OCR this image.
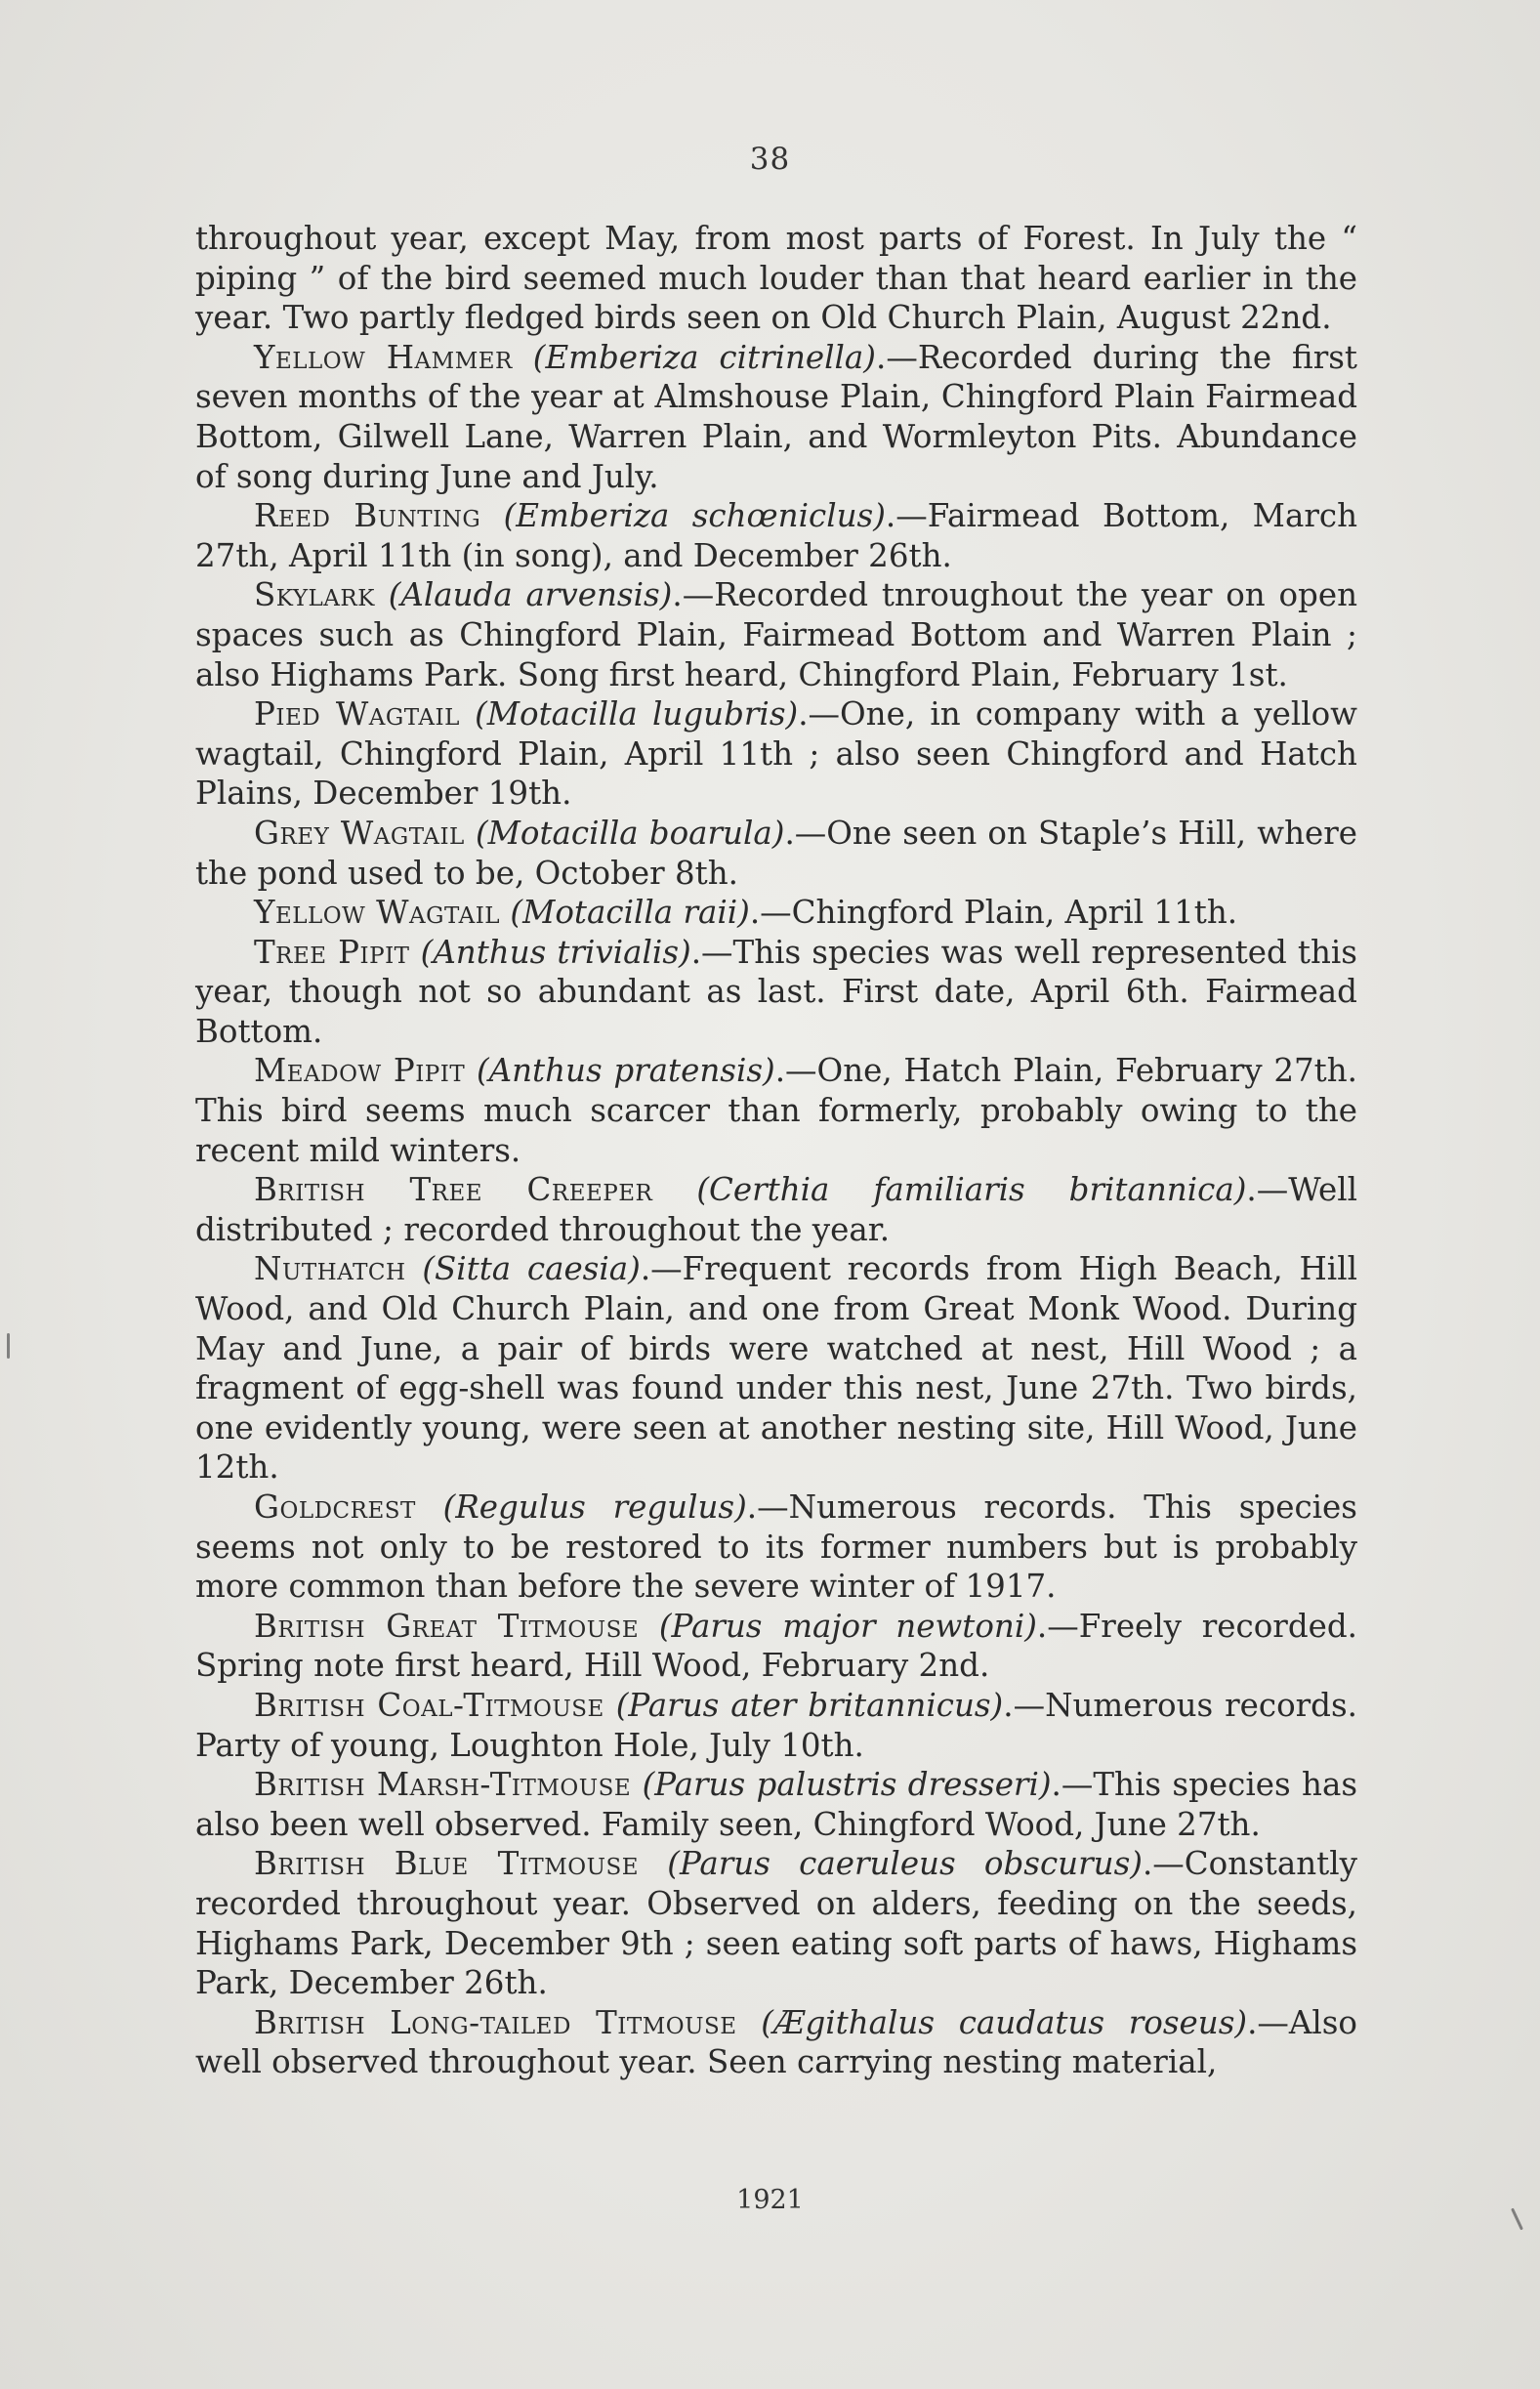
38

throughout year, except May, from most parts of Forest. In July the “ piping ” of the bird seemed much louder than that heard earlier in the year. Two partly fledged birds seen on Old Church Plain, August 22nd.

Yellow Hammer (Emberiza citrinella).—Recorded during the first seven months of the year at Almshouse Plain, Chingford Plain Fairmead Bottom, Gilwell Lane, Warren Plain, and Wormleyton Pits. Abundance of song during June and July.

Reed Bunting (Emberiza schœniclus).—Fairmead Bottom, March 27th, April 11th (in song), and December 26th.

Skylark (Alauda arvensis).—Recorded tnroughout the year on open spaces such as Chingford Plain, Fairmead Bottom and Warren Plain ; also Highams Park. Song first heard, Chingford Plain, February 1st.

Pied Wagtail (Motacilla lugubris).—One, in company with a yellow wagtail, Chingford Plain, April 11th ; also seen Chingford and Hatch Plains, December 19th.

Grey Wagtail (Motacilla boarula).—One seen on Staple’s Hill, where the pond used to be, October 8th.

Yellow Wagtail (Motacilla raii).—Chingford Plain, April 11th.

Tree Pipit (Anthus trivialis).—This species was well represented this year, though not so abundant as last. First date, April 6th. Fairmead Bottom.

Meadow Pipit (Anthus pratensis).—One, Hatch Plain, February 27th. This bird seems much scarcer than formerly, probably owing to the recent mild winters.

British Tree Creeper (Certhia familiaris britannica).—Well distributed ; recorded throughout the year.

Nuthatch (Sitta caesia).—Frequent records from High Beach, Hill Wood, and Old Church Plain, and one from Great Monk Wood. During May and June, a pair of birds were watched at nest, Hill Wood ; a fragment of egg-shell was found under this nest, June 27th. Two birds, one evidently young, were seen at another nesting site, Hill Wood, June 12th.

Goldcrest (Regulus regulus).—Numerous records. This species seems not only to be restored to its former numbers but is probably more common than before the severe winter of 1917.

British Great Titmouse (Parus major newtoni).—Freely recorded. Spring note first heard, Hill Wood, February 2nd.

British Coal-Titmouse (Parus ater britannicus).—Numerous records. Party of young, Loughton Hole, July 10th.

British Marsh-Titmouse (Parus palustris dresseri).—This species has also been well observed. Family seen, Chingford Wood, June 27th.

British Blue Titmouse (Parus caeruleus obscurus).—Constantly recorded throughout year. Observed on alders, feeding on the seeds, Highams Park, December 9th ; seen eating soft parts of haws, Highams Park, December 26th.

British Long-tailed Titmouse (Ægithalus caudatus roseus).—Also well observed throughout year. Seen carrying nesting material,

1921
